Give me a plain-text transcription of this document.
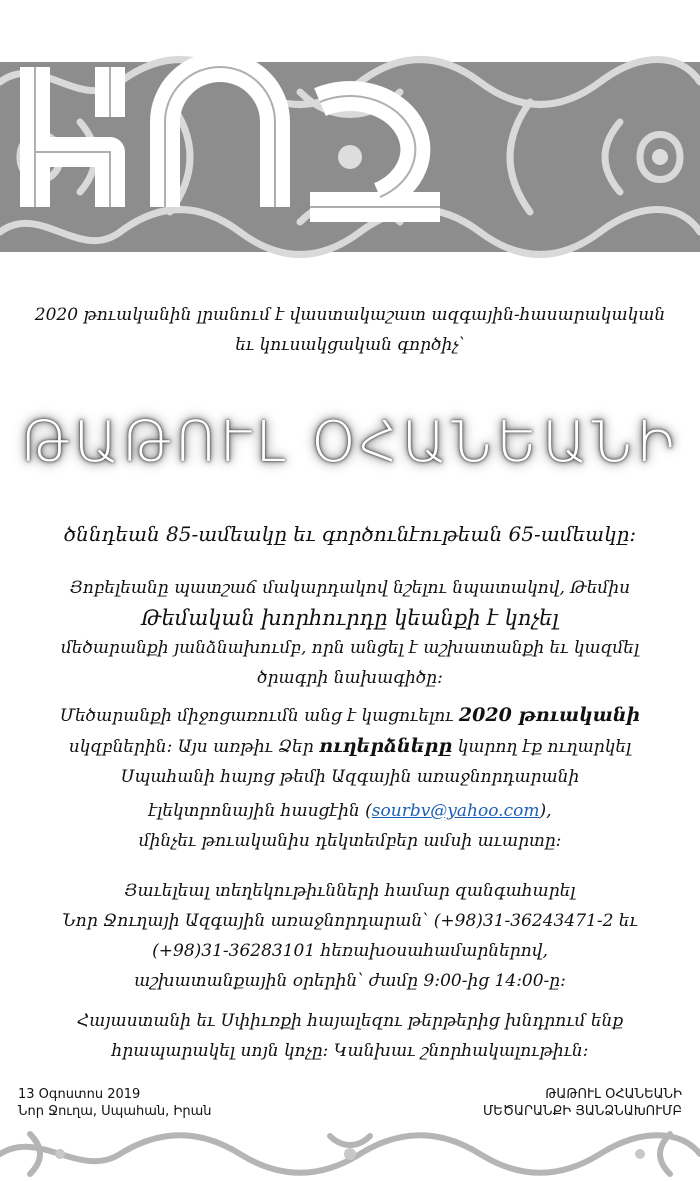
ԿՈՉ
2020 թուականին լրանում է վաստակաշատ ազգային-հասարակական
եւ կուսակցական գործիչ՝
ԹԱԹՈՒԼ ՕՀԱՆԵԱՆԻ
ծննդեան 85-ամեակը եւ գործունէութեան 65-ամեակը:
Յոբելեանը պատշաճ մակարդակով նշելու նպատակով, Թեմիս
Թեմական խորհուրդը կեանքի է կոչել
մեծարանքի յանձնախումբ, որն անցել է աշխատանքի եւ կազմել
ծրագրի նախագիծը:
Մեծարանքի միջոցառումն անց է կացուելու 2020 թուականի
սկզբներին: Այս առթիւ Ձեր ուղերձները կարող էք ուղարկել
Սպահանի հայոց թեմի Ազգային առաջնորդարանի
էլեկտրոնային հասցէին (sourbv@yahoo.com),
մինչեւ թուականիս դեկտեմբեր ամսի աւարտը:
Յաւելեալ տեղեկութիւնների համար զանգահարել
Նոր Ջուղայի Ազգային առաջնորդարան՝ (+98)31-36243471-2 եւ
(+98)31-36283101 հեռախօսահամարներով,
աշխատանքային օրերին՝ ժամը 9:00-ից 14:00-ը:
Հայաստանի եւ Սփիւռքի հայալեզու թերթերից խնդրում ենք
հրապարակել սոյն կոչը: Կանխաւ շնորհակալութիւն:
13 Օգոստոս 2019
Նոր Ջուղա, Սպահան, Իրան
ԹԱԹՈՒԼ ՕՀԱՆԵԱՆԻ
ՄԵԾԱՐԱՆՔԻ ՅԱՆՁՆԱԽՈՒՄԲ
